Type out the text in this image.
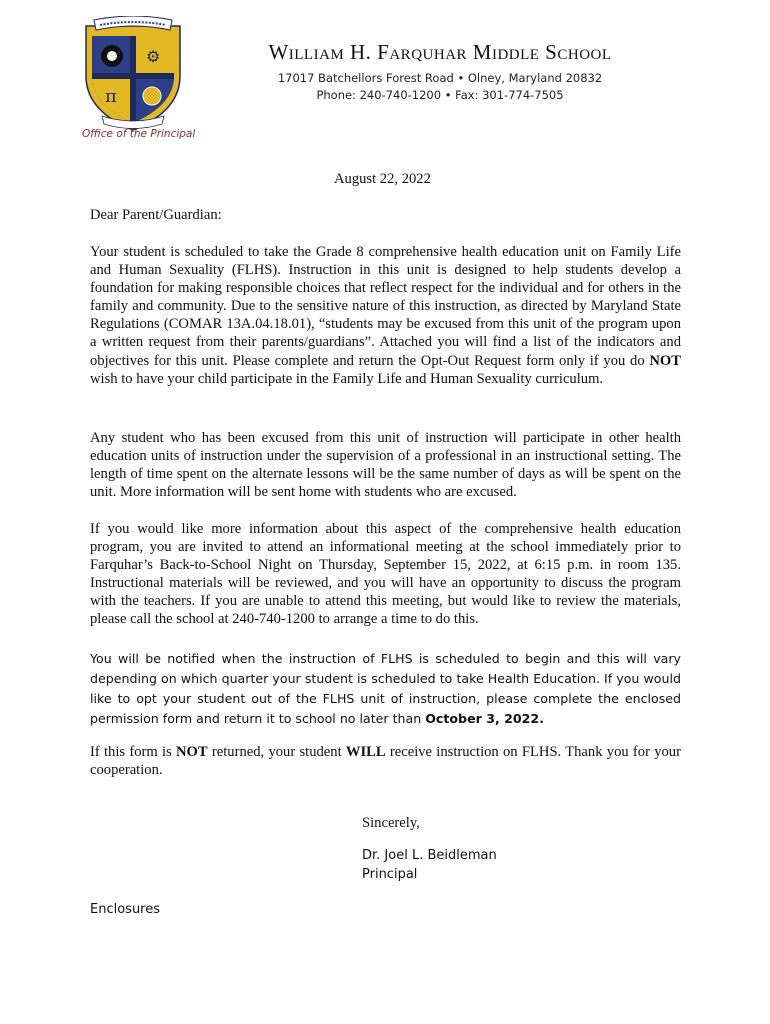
⚙
π
William H. Farquhar Middle School
17017 Batchellors Forest Road • Olney, Maryland 20832
Phone: 240-740-1200 • Fax: 301-774-7505
Office of the Principal
August 22, 2022
Dear Parent/Guardian:
Your student is scheduled to take the Grade 8 comprehensive health education unit on Family Life and Human Sexuality (FLHS). Instruction in this unit is designed to help students develop a foundation for making responsible choices that reflect respect for the individual and for others in the family and community. Due to the sensitive nature of this instruction, as directed by Maryland State Regulations (COMAR 13A.04.18.01), “students may be excused from this unit of the program upon a written request from their parents/guardians”. Attached you will find a list of the indicators and objectives for this unit. Please complete and return the Opt-Out Request form only if you do NOT wish to have your child participate in the Family Life and Human Sexuality curriculum.
Any student who has been excused from this unit of instruction will participate in other health education units of instruction under the supervision of a professional in an instructional setting. The length of time spent on the alternate lessons will be the same number of days as will be spent on the unit. More information will be sent home with students who are excused.
If you would like more information about this aspect of the comprehensive health education program, you are invited to attend an informational meeting at the school immediately prior to Farquhar’s Back-to-School Night on Thursday, September 15, 2022, at 6:15 p.m. in room 135. Instructional materials will be reviewed, and you will have an opportunity to discuss the program with the teachers. If you are unable to attend this meeting, but would like to review the materials, please call the school at 240-740-1200 to arrange a time to do this.
You will be notified when the instruction of FLHS is scheduled to begin and this will vary depending on which quarter your student is scheduled to take Health Education. If you would like to opt your student out of the FLHS unit of instruction, please complete the enclosed permission form and return it to school no later than October 3, 2022.
If this form is NOT returned, your student WILL receive instruction on FLHS. Thank you for your cooperation.
Sincerely,
Dr. Joel L. Beidleman
Principal
Enclosures
